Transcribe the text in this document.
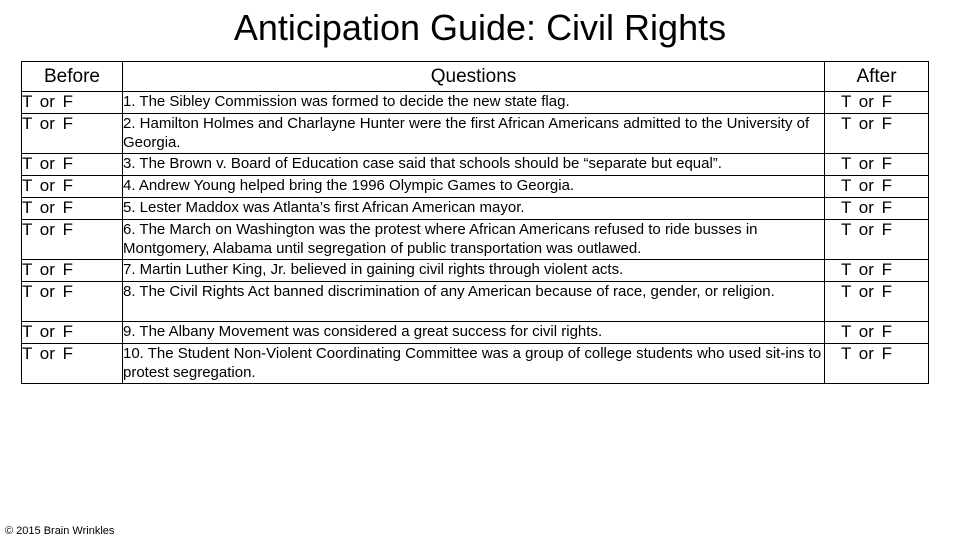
Anticipation Guide: Civil Rights
Before	Questions	After
T or F	1. The Sibley Commission was formed to decide the new state flag.	T or F
T or F	2. Hamilton Holmes and Charlayne Hunter were the first African Americans admitted to the University of Georgia.	T or F
T or F	3. The Brown v. Board of Education case said that schools should be “separate but equal”.	T or F
T or F	4. Andrew Young helped bring the 1996 Olympic Games to Georgia.	T or F
T or F	5. Lester Maddox was Atlanta’s first African American mayor.	T or F
T or F	6. The March on Washington was the protest where African Americans refused to ride busses in Montgomery, Alabama until segregation of public transportation was outlawed.	T or F
T or F	7. Martin Luther King, Jr. believed in gaining civil rights through violent acts.	T or F
T or F	8. The Civil Rights Act banned discrimination of any American because of race, gender, or religion.	T or F
T or F	9. The Albany Movement was considered a great success for civil rights.	T or F
T or F	10. The Student Non-Violent Coordinating Committee was a group of college students who used sit-ins to protest segregation.	T or F
© 2015 Brain Wrinkles
